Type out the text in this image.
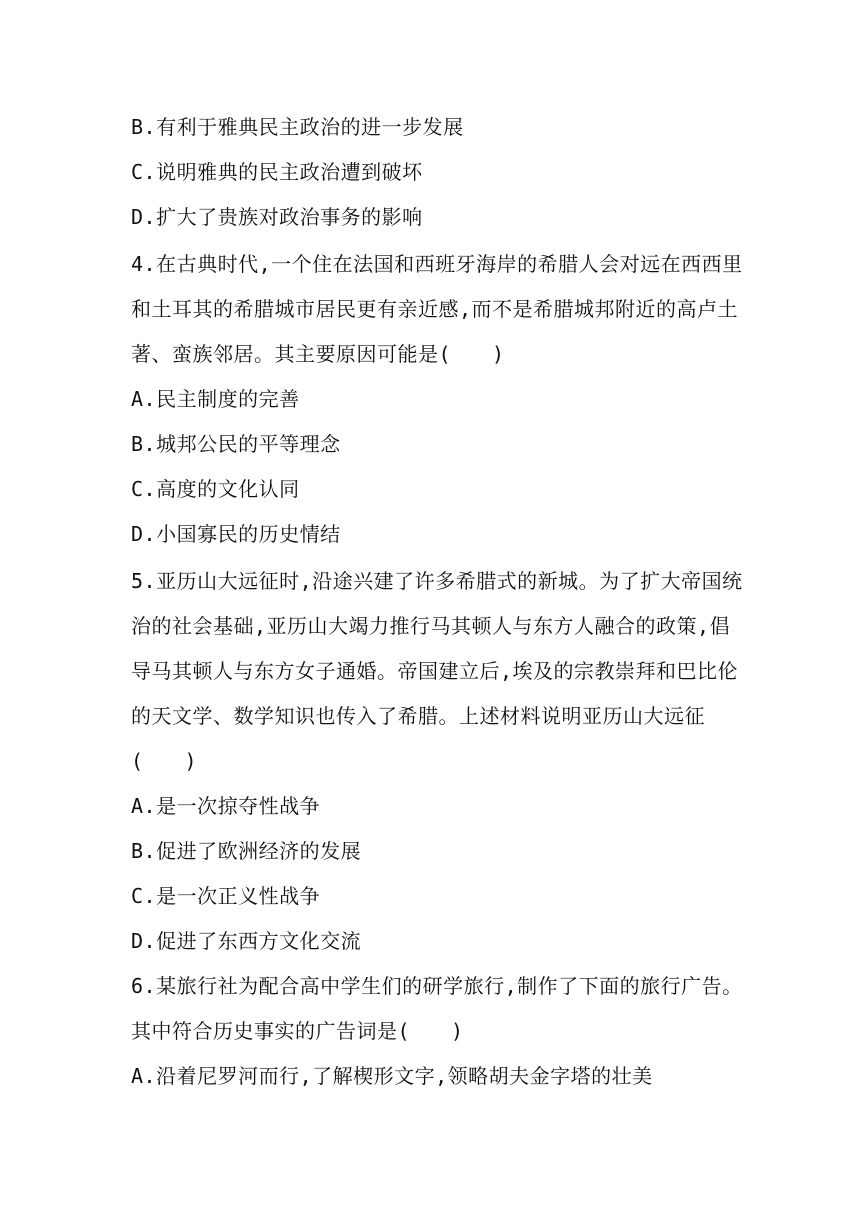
B.有利于雅典民主政治的进一步发展
C.说明雅典的民主政治遭到破坏
D.扩大了贵族对政治事务的影响
4.在古典时代,一个住在法国和西班牙海岸的希腊人会对远在西西里
和土耳其的希腊城市居民更有亲近感,而不是希腊城邦附近的高卢土
著、蛮族邻居。其主要原因可能是(　　)
A.民主制度的完善
B.城邦公民的平等理念
C.高度的文化认同
D.小国寡民的历史情结
5.亚历山大远征时,沿途兴建了许多希腊式的新城。为了扩大帝国统
治的社会基础,亚历山大竭力推行马其顿人与东方人融合的政策,倡
导马其顿人与东方女子通婚。帝国建立后,埃及的宗教崇拜和巴比伦
的天文学、数学知识也传入了希腊。上述材料说明亚历山大远征
(　　)
A.是一次掠夺性战争
B.促进了欧洲经济的发展
C.是一次正义性战争
D.促进了东西方文化交流
6.某旅行社为配合高中学生们的研学旅行,制作了下面的旅行广告。
其中符合历史事实的广告词是(　　)
A.沿着尼罗河而行,了解楔形文字,领略胡夫金字塔的壮美
